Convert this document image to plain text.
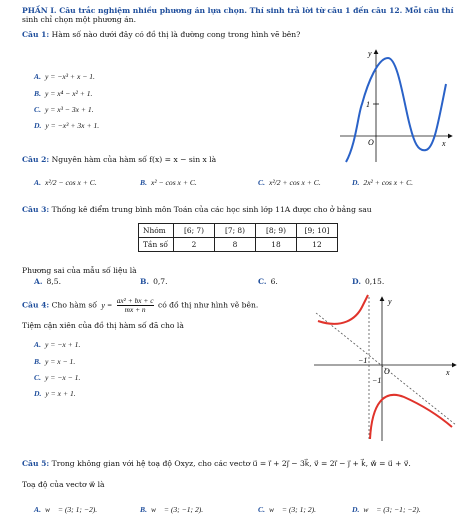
PHẦN I. Câu trắc nghiệm nhiều phương án lựa chọn. Thí sinh trả lời từ câu 1 đến câu 12. Mỗi câu thí
sinh chỉ chọn một phương án.
Câu 1: Hàm số nào dưới đây có đồ thị là đường cong trong hình vẽ bên?
A. y = −x³ + x − 1.
B. y = x⁴ − x² + 1.
C. y = x³ − 3x + 1.
D. y = −x³ + 3x + 1.
y
x
O
1
Câu 2: Nguyên hàm của hàm số f(x) = x − sin x là
A. x²/2 − cos x + C.	B. x² − cos x + C.	C. x²/2 + cos x + C.	D. 2x² + cos x + C.
Câu 3: Thống kê điểm trung bình môn Toán của các học sinh lớp 11A được cho ở bảng sau
Nhóm	[6; 7)	[7; 8)	[8; 9)	[9; 10]
Tần số	2	8	18	12
Phương sai của mẫu số liệu là
A. 8,5.	B. 0,7.	C. 6.	D. 0,15.
Câu 4: Cho hàm số $y = \frac{\text{ax² + bx + c}}{mx + n}$ có đồ thị như hình vẽ bên.
Tiệm cận xiên của đồ thị hàm số đã cho là
A. y = −x + 1.
B. y = x − 1.
C. y = −x − 1.
D. y = x + 1.
y
x
O
−1
−1
Câu 5: Trong không gian với hệ toạ độ Oxyz, cho các vectơ u⃗ = i⃗ + 2j⃗ − 3k⃗, v⃗ = 2i⃗ − j⃗ + k⃗, w⃗ = u⃗ + v⃗.
Toạ độ của vectơ w⃗ là
A. w⃗ = (3; 1; −2).	B. w⃗ = (3; −1; 2).	C. w⃗ = (3; 1; 2).	D. w⃗ = (3; −1; −2).
